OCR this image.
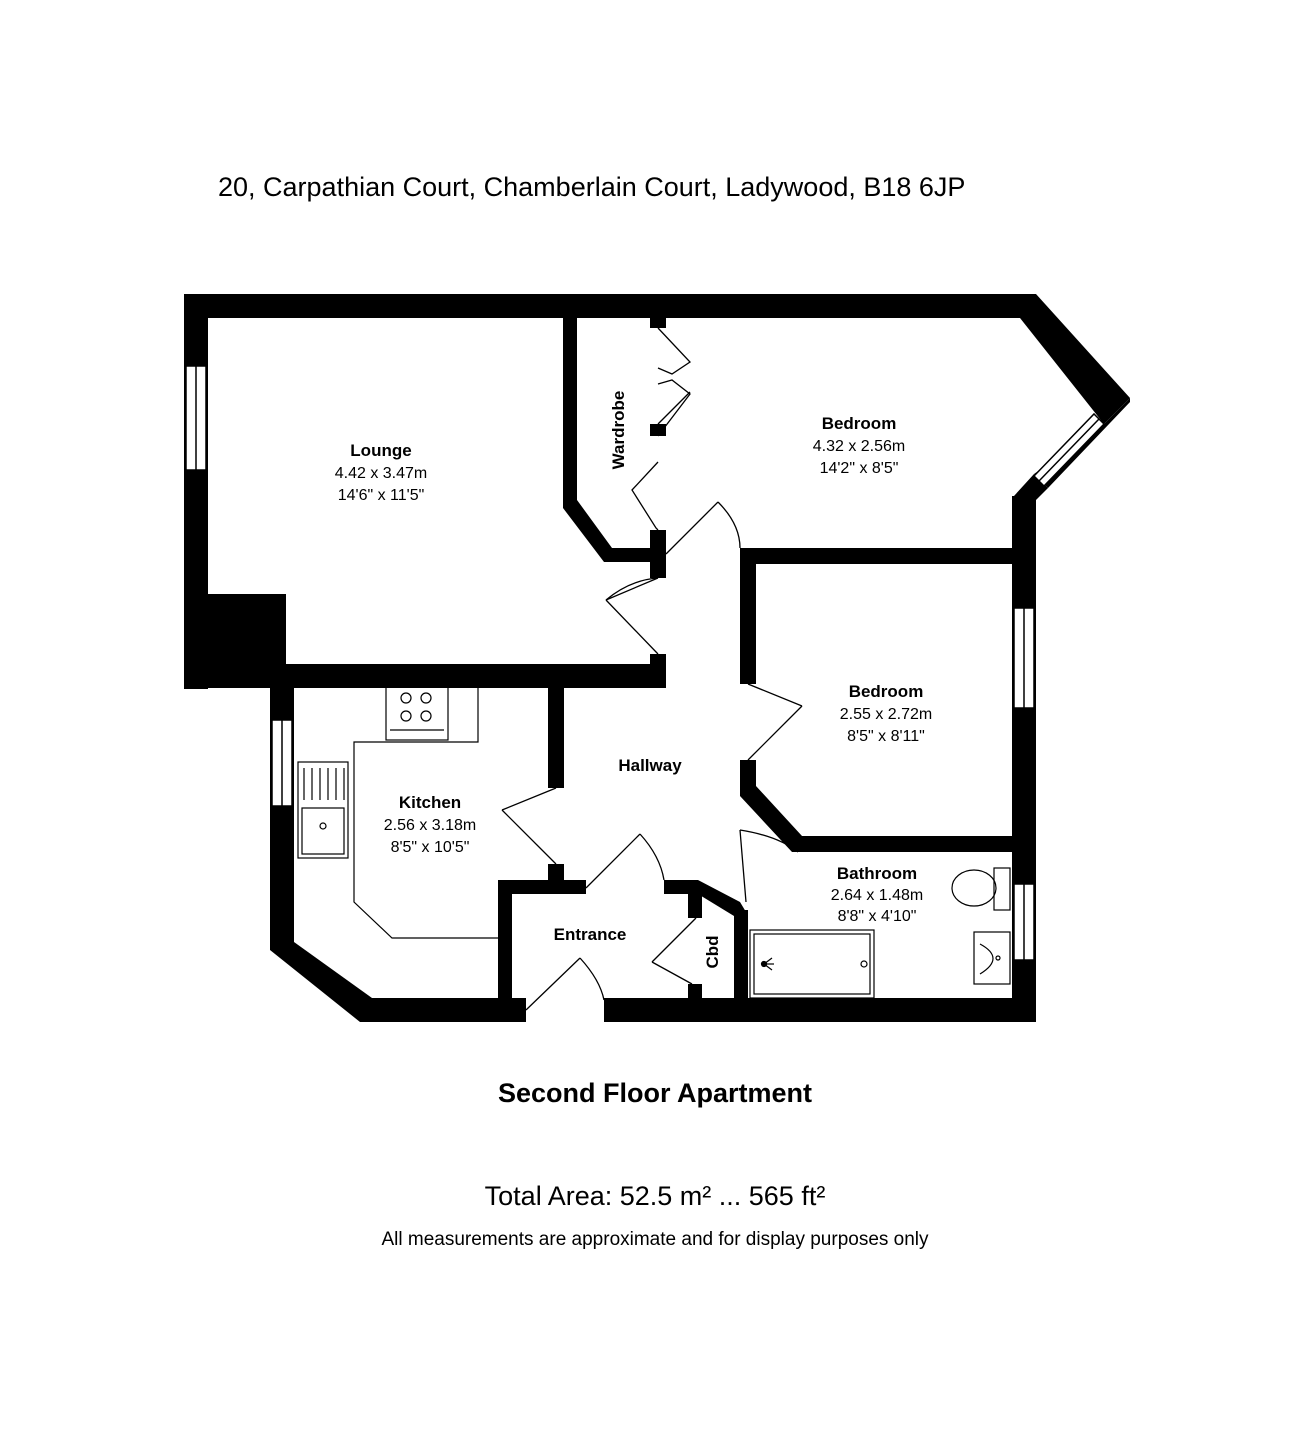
20, Carpathian Court, Chamberlain Court, Ladywood, B18 6JP
Lounge
4.42 x 3.47m
14'6" x 11'5"
Bedroom
4.32 x 2.56m
14'2" x 8'5"
Bedroom
2.55 x 2.72m
8'5" x 8'11"
Kitchen
2.56 x 3.18m
8'5" x 10'5"
Hallway
Bathroom
2.64 x 1.48m
8'8" x 4'10"
Entrance
Wardrobe
Cbd
Second Floor Apartment
Total Area: 52.5 m² ... 565 ft²
All measurements are approximate and for display purposes only
